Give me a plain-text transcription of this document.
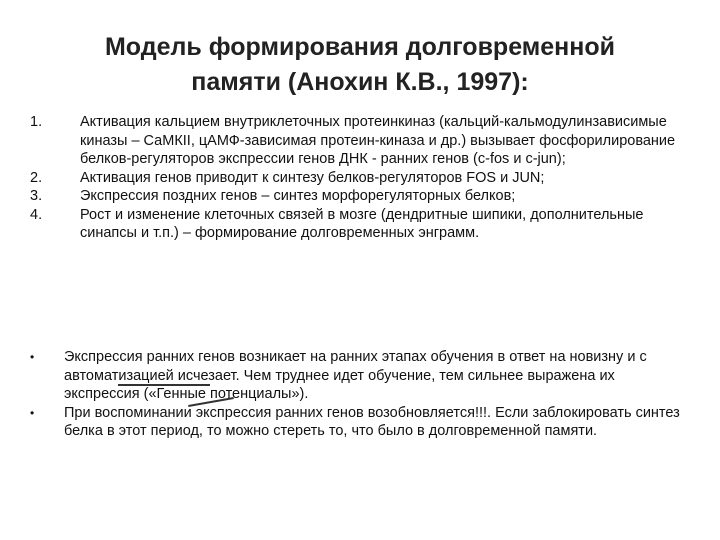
Модель формирования долговременной
памяти (Анохин К.В., 1997):
1.	Активация кальцием внутриклеточных протеинкиназ (кальций-кальмодулинзависимые киназы – СаМКII, цАМФ-зависимая протеин-киназа и др.) вызывает фосфорилирование белков-регуляторов экспрессии генов ДНК - ранних генов (c-fos и c-jun);
2.	Активация генов приводит к синтезу белков-регуляторов FOS и JUN;
3.	Экспрессия поздних генов – синтез морфорегуляторных белков;
4.	Рост и изменение клеточных связей в мозге (дендритные шипики, дополнительные синапсы и т.п.) – формирование долговременных энграмм.
•	Экспрессия ранних генов возникает на ранних этапах обучения в ответ на новизну и с автоматизацией исчезает. Чем труднее идет обучение, тем сильнее выражена их экспрессия («Генные потенциалы»).
•	При воспоминании экспрессия ранних генов возобновляется!!!. Если заблокировать синтез белка в этот период, то можно стереть то, что было в долговременной памяти.
